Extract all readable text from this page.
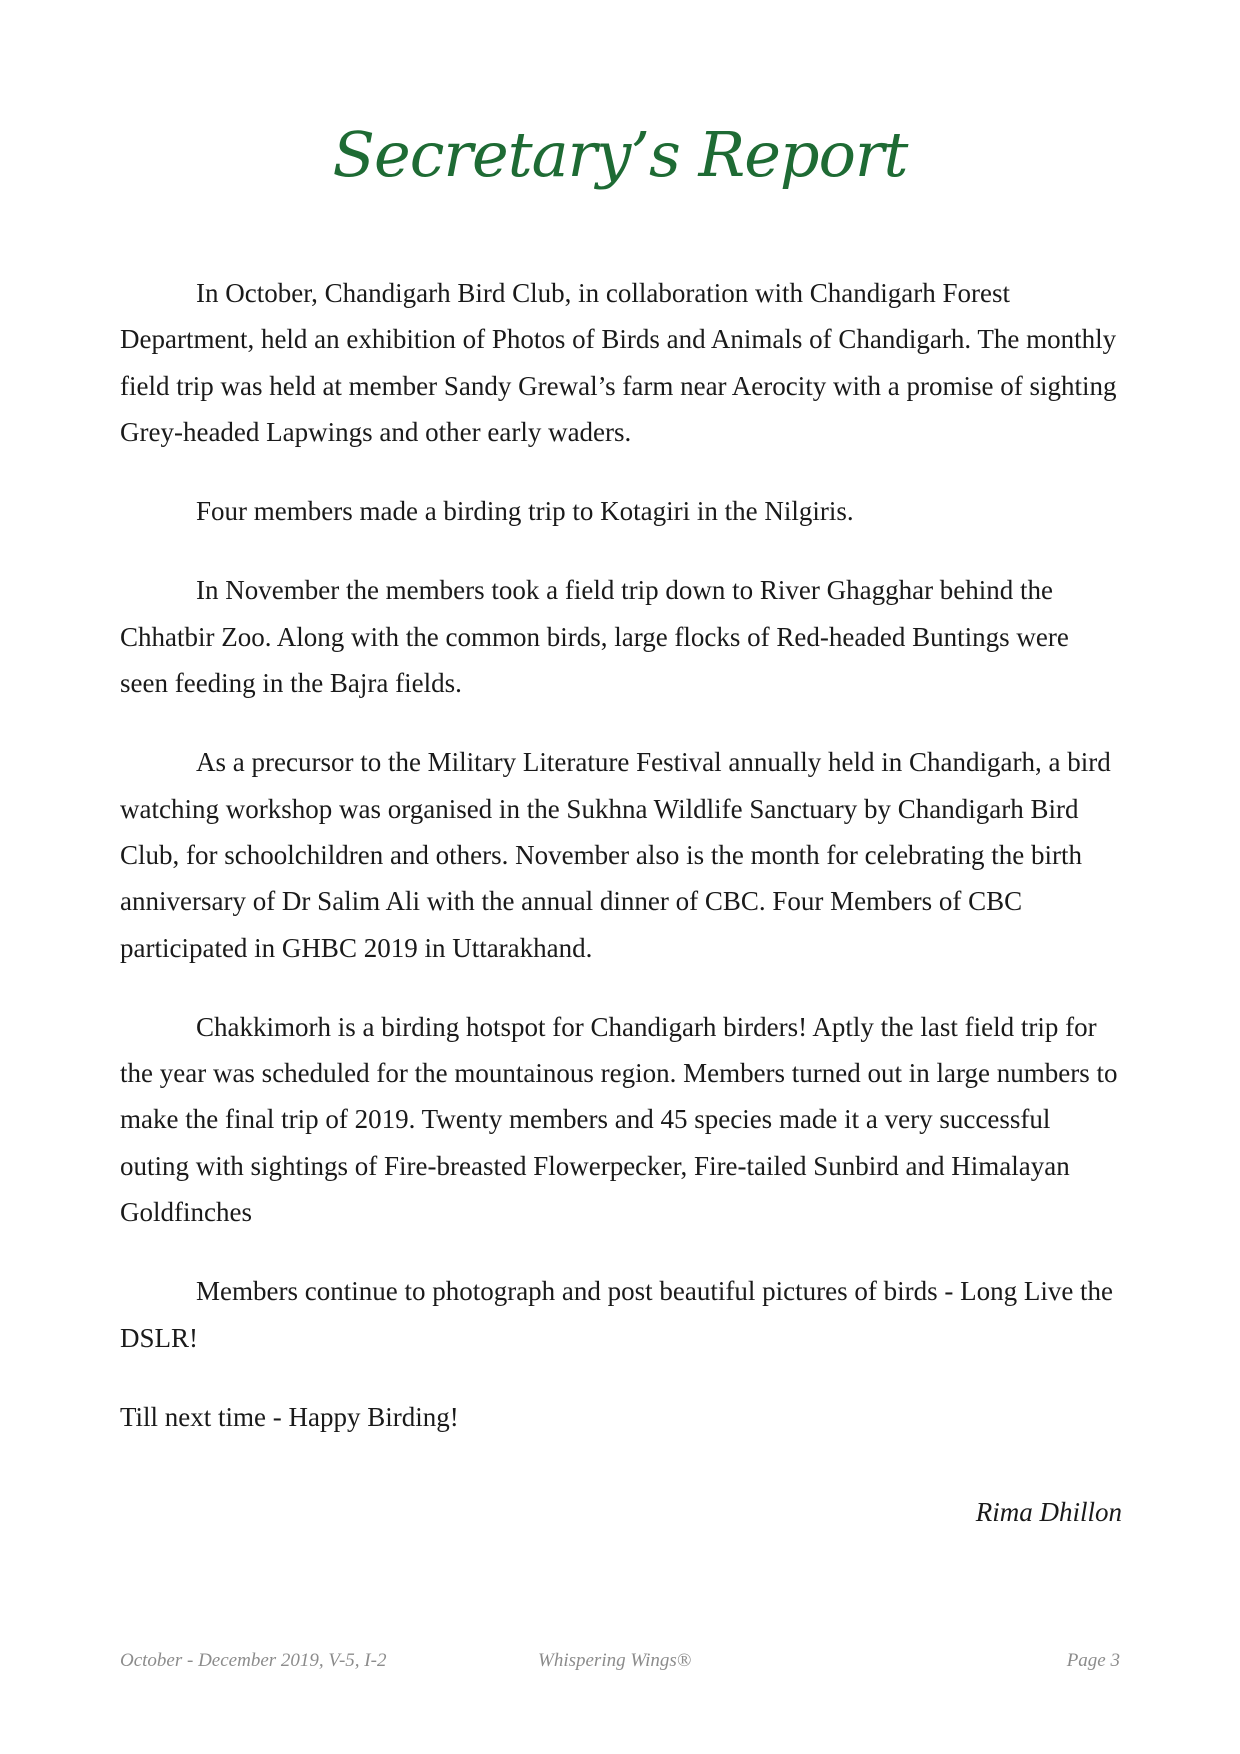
Secretary’s Report

In October, Chandigarh Bird Club, in collaboration with Chandigarh Forest Department, held an exhibition of Photos of Birds and Animals of Chandigarh. The monthly field trip was held at member Sandy Grewal’s farm near Aerocity with a promise of sighting Grey-headed Lapwings and other early waders.

Four members made a birding trip to Kotagiri in the Nilgiris.

In November the members took a field trip down to River Ghagghar behind the Chhatbir Zoo. Along with the common birds, large flocks of Red-headed Buntings were seen feeding in the Bajra fields.

As a precursor to the Military Literature Festival annually held in Chandigarh, a bird watching workshop was organised in the Sukhna Wildlife Sanctuary by Chandigarh Bird Club, for schoolchildren and others. November also is the month for celebrating the birth anniversary of Dr Salim Ali with the annual dinner of CBC. Four Members of CBC participated in GHBC 2019 in Uttarakhand.

Chakkimorh is a birding hotspot for Chandigarh birders! Aptly the last field trip for the year was scheduled for the mountainous region. Members turned out in large numbers to make the final trip of 2019. Twenty members and 45 species made it a very successful outing with sightings of Fire-breasted Flowerpecker, Fire-tailed Sunbird and Himalayan Goldfinches

Members continue to photograph and post beautiful pictures of birds - Long Live the DSLR!

Till next time - Happy Birding!

Rima Dhillon
October - December 2019, V-5, I-2	Whispering Wings®	Page 3
